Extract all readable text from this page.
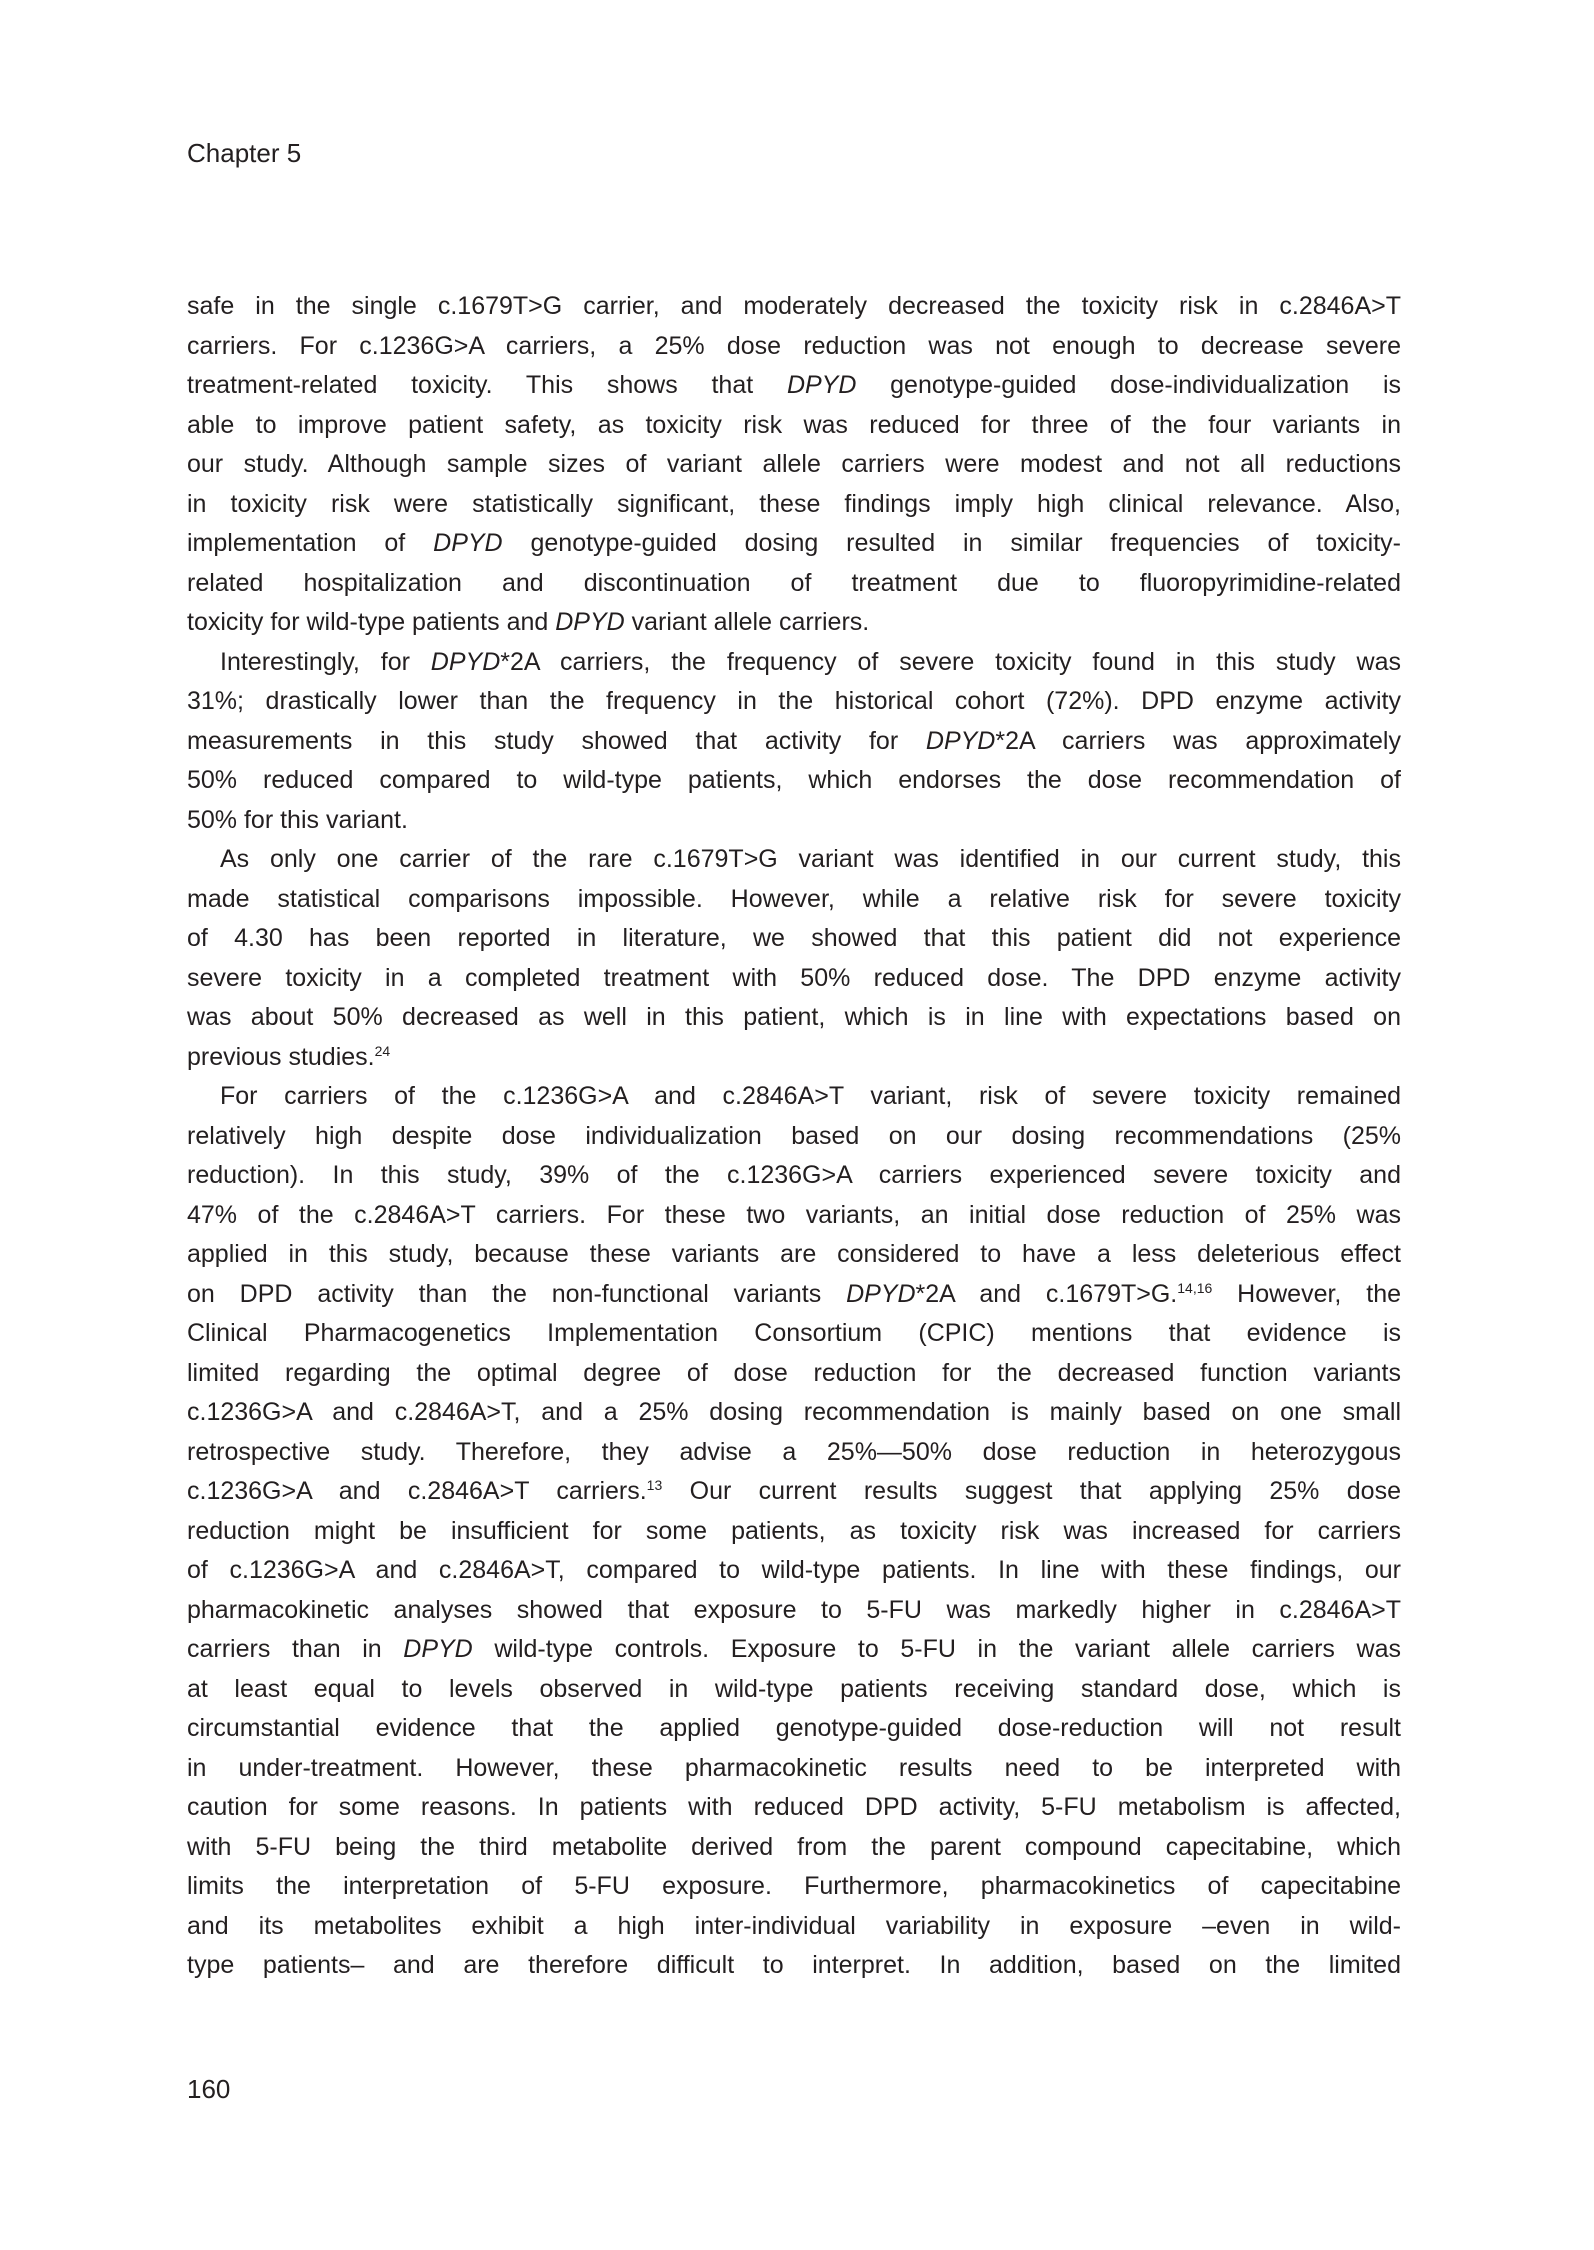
Chapter 5
safe in the single c.1679T>G carrier, and moderately decreased the toxicity risk in c.2846A>T
carriers. For c.1236G>A carriers, a 25% dose reduction was not enough to decrease severe
treatment-related toxicity. This shows that DPYD genotype-guided dose-individualization is
able to improve patient safety, as toxicity risk was reduced for three of the four variants in
our study. Although sample sizes of variant allele carriers were modest and not all reductions
in toxicity risk were statistically significant, these findings imply high clinical relevance. Also,
implementation of DPYD genotype-guided dosing resulted in similar frequencies of toxicity-
related hospitalization and discontinuation of treatment due to fluoropyrimidine-related
toxicity for wild-type patients and DPYD variant allele carriers.
Interestingly, for DPYD*2A carriers, the frequency of severe toxicity found in this study was
31%; drastically lower than the frequency in the historical cohort (72%). DPD enzyme activity
measurements in this study showed that activity for DPYD*2A carriers was approximately
50% reduced compared to wild-type patients, which endorses the dose recommendation of
50% for this variant.
As only one carrier of the rare c.1679T>G variant was identified in our current study, this
made statistical comparisons impossible. However, while a relative risk for severe toxicity
of 4.30 has been reported in literature, we showed that this patient did not experience
severe toxicity in a completed treatment with 50% reduced dose. The DPD enzyme activity
was about 50% decreased as well in this patient, which is in line with expectations based on
previous studies.$^{24}$
For carriers of the c.1236G>A and c.2846A>T variant, risk of severe toxicity remained
relatively high despite dose individualization based on our dosing recommendations (25%
reduction). In this study, 39% of the c.1236G>A carriers experienced severe toxicity and
47% of the c.2846A>T carriers. For these two variants, an initial dose reduction of 25% was
applied in this study, because these variants are considered to have a less deleterious effect
on DPD activity than the non-functional variants DPYD*2A and c.1679T>G.$^{14,16}$ However, the
Clinical Pharmacogenetics Implementation Consortium (CPIC) mentions that evidence is
limited regarding the optimal degree of dose reduction for the decreased function variants
c.1236G>A and c.2846A>T, and a 25% dosing recommendation is mainly based on one small
retrospective study. Therefore, they advise a 25%—50% dose reduction in heterozygous
c.1236G>A and c.2846A>T carriers.$^{13}$ Our current results suggest that applying 25% dose
reduction might be insufficient for some patients, as toxicity risk was increased for carriers
of c.1236G>A and c.2846A>T, compared to wild-type patients. In line with these findings, our
pharmacokinetic analyses showed that exposure to 5-FU was markedly higher in c.2846A>T
carriers than in DPYD wild-type controls. Exposure to 5-FU in the variant allele carriers was
at least equal to levels observed in wild-type patients receiving standard dose, which is
circumstantial evidence that the applied genotype-guided dose-reduction will not result
in under-treatment. However, these pharmacokinetic results need to be interpreted with
caution for some reasons. In patients with reduced DPD activity, 5-FU metabolism is affected,
with 5-FU being the third metabolite derived from the parent compound capecitabine, which
limits the interpretation of 5-FU exposure. Furthermore, pharmacokinetics of capecitabine
and its metabolites exhibit a high inter-individual variability in exposure –even in wild-
type patients– and are therefore difficult to interpret. In addition, based on the limited
160
